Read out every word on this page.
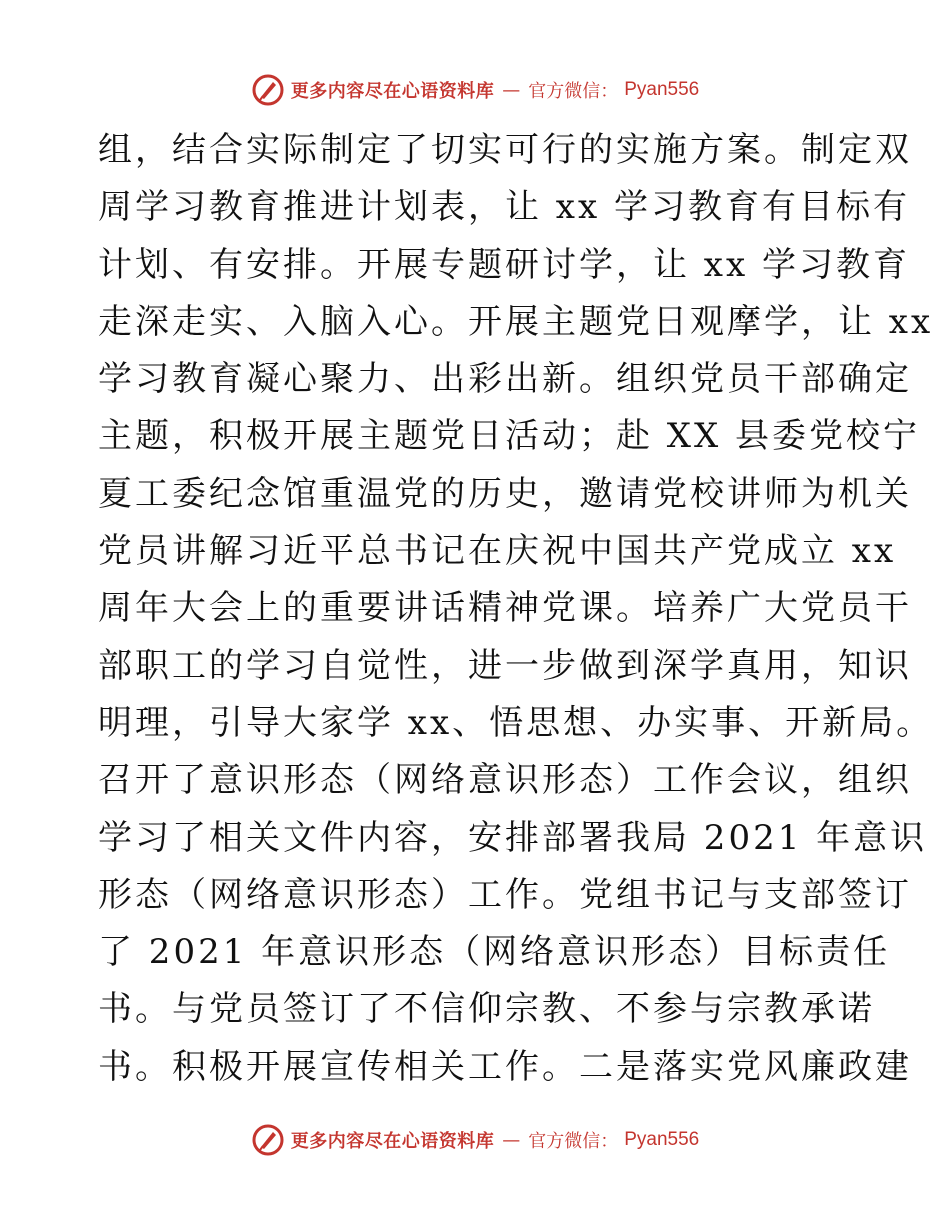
更多内容尽在心语资料库 — 官方微信： Pyan556
组，结合实际制定了切实可行的实施方案。制定双
周学习教育推进计划表，让 xx 学习教育有目标有
计划、有安排。开展专题研讨学，让 xx 学习教育
走深走实、入脑入心。开展主题党日观摩学，让 xx
学习教育凝心聚力、出彩出新。组织党员干部确定
主题，积极开展主题党日活动；赴 XX 县委党校宁
夏工委纪念馆重温党的历史，邀请党校讲师为机关
党员讲解习近平总书记在庆祝中国共产党成立 xx
周年大会上的重要讲话精神党课。培养广大党员干
部职工的学习自觉性，进一步做到深学真用，知识
明理，引导大家学 xx、悟思想、办实事、开新局。
召开了意识形态（网络意识形态）工作会议，组织
学习了相关文件内容，安排部署我局 2021 年意识
形态（网络意识形态）工作。党组书记与支部签订
了 2021 年意识形态（网络意识形态）目标责任
书。与党员签订了不信仰宗教、不参与宗教承诺
书。积极开展宣传相关工作。二是落实党风廉政建
更多内容尽在心语资料库 — 官方微信： Pyan556
